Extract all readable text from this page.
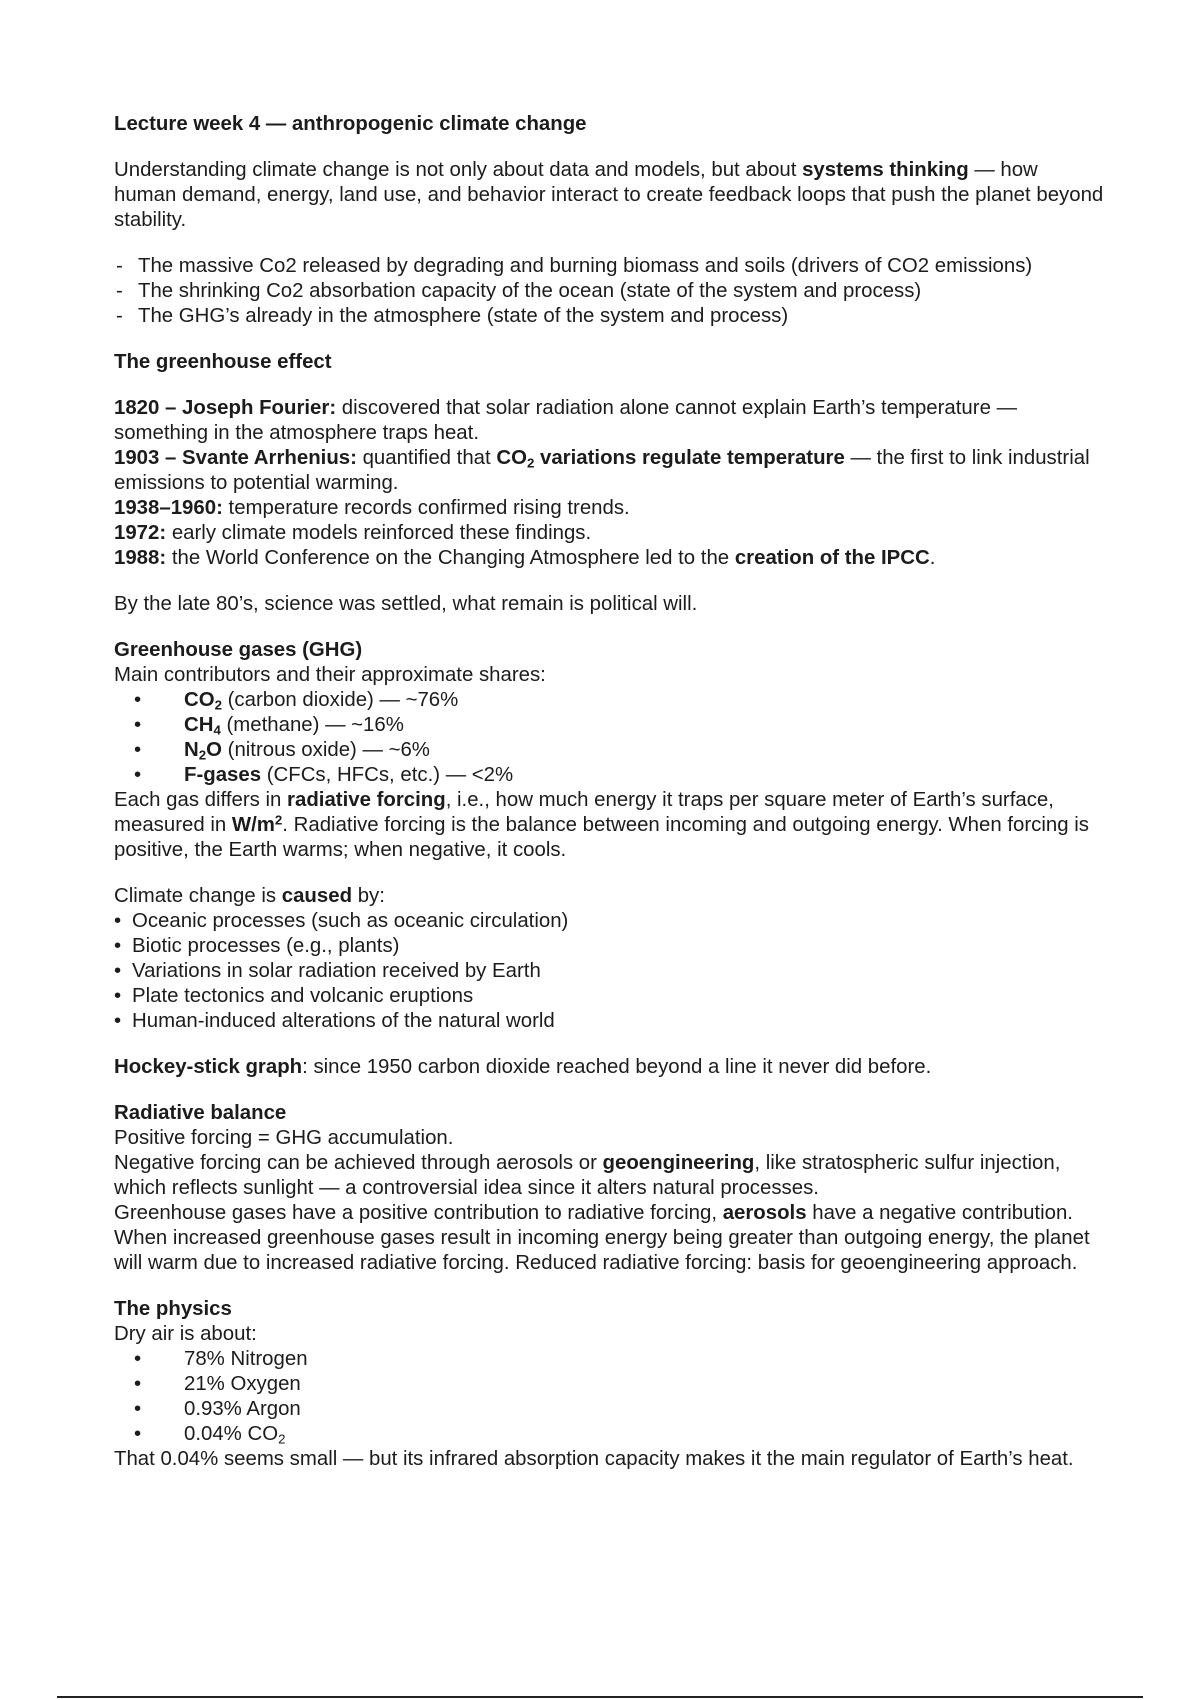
Lecture week 4 — anthropogenic climate change

Understanding climate change is not only about data and models, but about systems thinking — how human demand, energy, land use, and behavior interact to create feedback loops that push the planet beyond stability.

- The massive Co2 released by degrading and burning biomass and soils (drivers of CO2 emissions)
- The shrinking Co2 absorbation capacity of the ocean (state of the system and process)
- The GHG’s already in the atmosphere (state of the system and process)

The greenhouse effect

1820 – Joseph Fourier: discovered that solar radiation alone cannot explain Earth’s temperature — something in the atmosphere traps heat.

1903 – Svante Arrhenius: quantified that $CO_2$ variations regulate temperature — the first to link industrial emissions to potential warming.

1938–1960: temperature records confirmed rising trends.

1972: early climate models reinforced these findings.

1988: the World Conference on the Changing Atmosphere led to the creation of the IPCC.

By the late 80’s, science was settled, what remain is political will.

Greenhouse gases (GHG)

Main contributors and their approximate shares:

• $CO_2$ (carbon dioxide) — ~76%
• $CH_4$ (methane) — ~16%
• $N_2O$ (nitrous oxide) — ~6%
• F-gases (CFCs, HFCs, etc.) — <2%

Each gas differs in radiative forcing, i.e., how much energy it traps per square meter of Earth’s surface, measured in $W/m^2$. Radiative forcing is the balance between incoming and outgoing energy. When forcing is positive, the Earth warms; when negative, it cools.

Climate change is caused by:

• Oceanic processes (such as oceanic circulation)
• Biotic processes (e.g., plants)
• Variations in solar radiation received by Earth
• Plate tectonics and volcanic eruptions
• Human-induced alterations of the natural world

Hockey-stick graph: since 1950 carbon dioxide reached beyond a line it never did before.

Radiative balance

Positive forcing = GHG accumulation.

Negative forcing can be achieved through aerosols or geoengineering, like stratospheric sulfur injection, which reflects sunlight — a controversial idea since it alters natural processes.

Greenhouse gases have a positive contribution to radiative forcing, aerosols have a negative contribution. When increased greenhouse gases result in incoming energy being greater than outgoing energy, the planet will warm due to increased radiative forcing. Reduced radiative forcing: basis for geoengineering approach.

The physics

Dry air is about:

• 78% Nitrogen
• 21% Oxygen
• 0.93% Argon
• 0.04% $CO_2$

That 0.04% seems small — but its infrared absorption capacity makes it the main regulator of Earth’s heat.
